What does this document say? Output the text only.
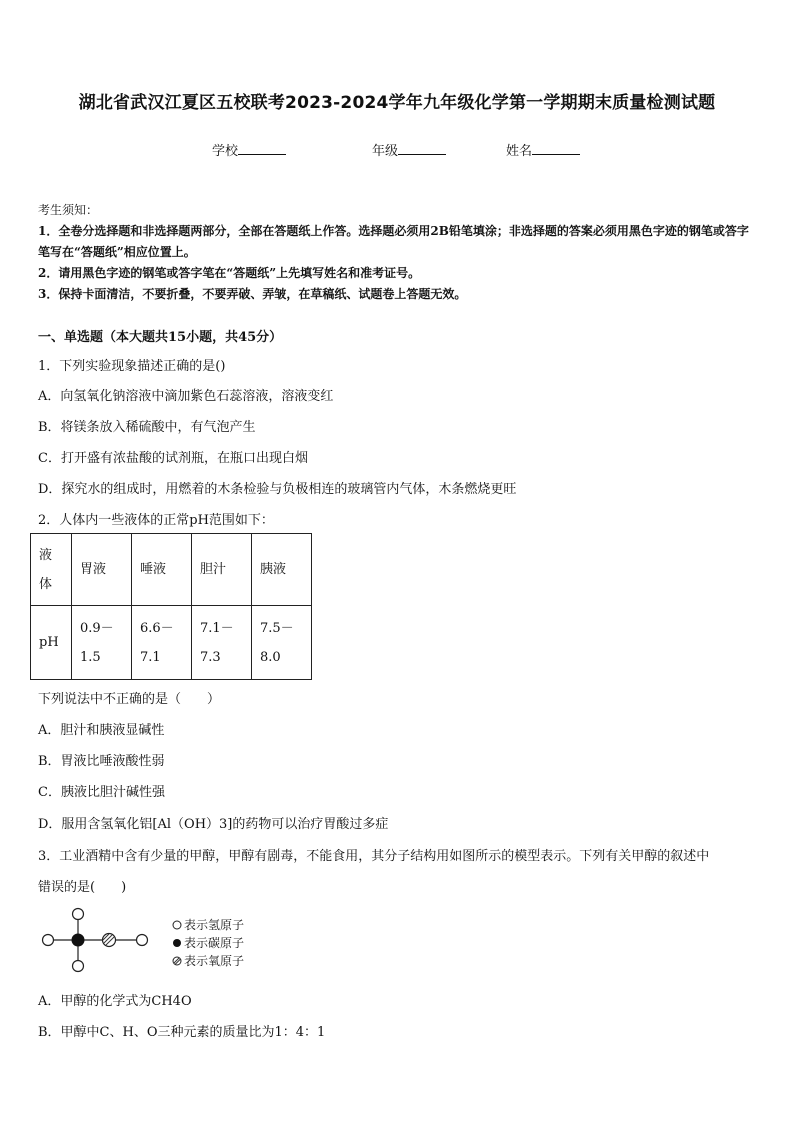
湖北省武汉江夏区五校联考2023-2024学年九年级化学第一学期期末质量检测试题
学校	年级	姓名
考生须知：
1．全卷分选择题和非选择题两部分，全部在答题纸上作答。选择题必须用2B铅笔填涂；非选择题的答案必须用黑色字迹的钢笔或答字笔写在“答题纸”相应位置上。
2．请用黑色字迹的钢笔或答字笔在“答题纸”上先填写姓名和准考证号。
3．保持卡面清洁，不要折叠，不要弄破、弄皱，在草稿纸、试题卷上答题无效。
一、单选题（本大题共15小题，共45分）
1．下列实验现象描述正确的是()
A．向氢氧化钠溶液中滴加紫色石蕊溶液，溶液变红
B．将镁条放入稀硫酸中，有气泡产生
C．打开盛有浓盐酸的试剂瓶，在瓶口出现白烟
D．探究水的组成时，用燃着的木条检验与负极相连的玻璃管内气体，木条燃烧更旺
2．人体内一些液体的正常pH范围如下：
液体	胃液	唾液	胆汁	胰液
pH	0.9－1.5	6.6－7.1	7.1－7.3	7.5－8.0
下列说法中不正确的是（　　）
A．胆汁和胰液显碱性
B．胃液比唾液酸性弱
C．胰液比胆汁碱性强
D．服用含氢氧化铝[Al（OH）3]的药物可以治疗胃酸过多症
3．工业酒精中含有少量的甲醇，甲醇有剧毒，不能食用，其分子结构用如图所示的模型表示。下列有关甲醇的叙述中
错误的是(　　)
表示氢原子
表示碳原子
表示氧原子
A．甲醇的化学式为CH4O
B．甲醇中C、H、O三种元素的质量比为1：4：1
